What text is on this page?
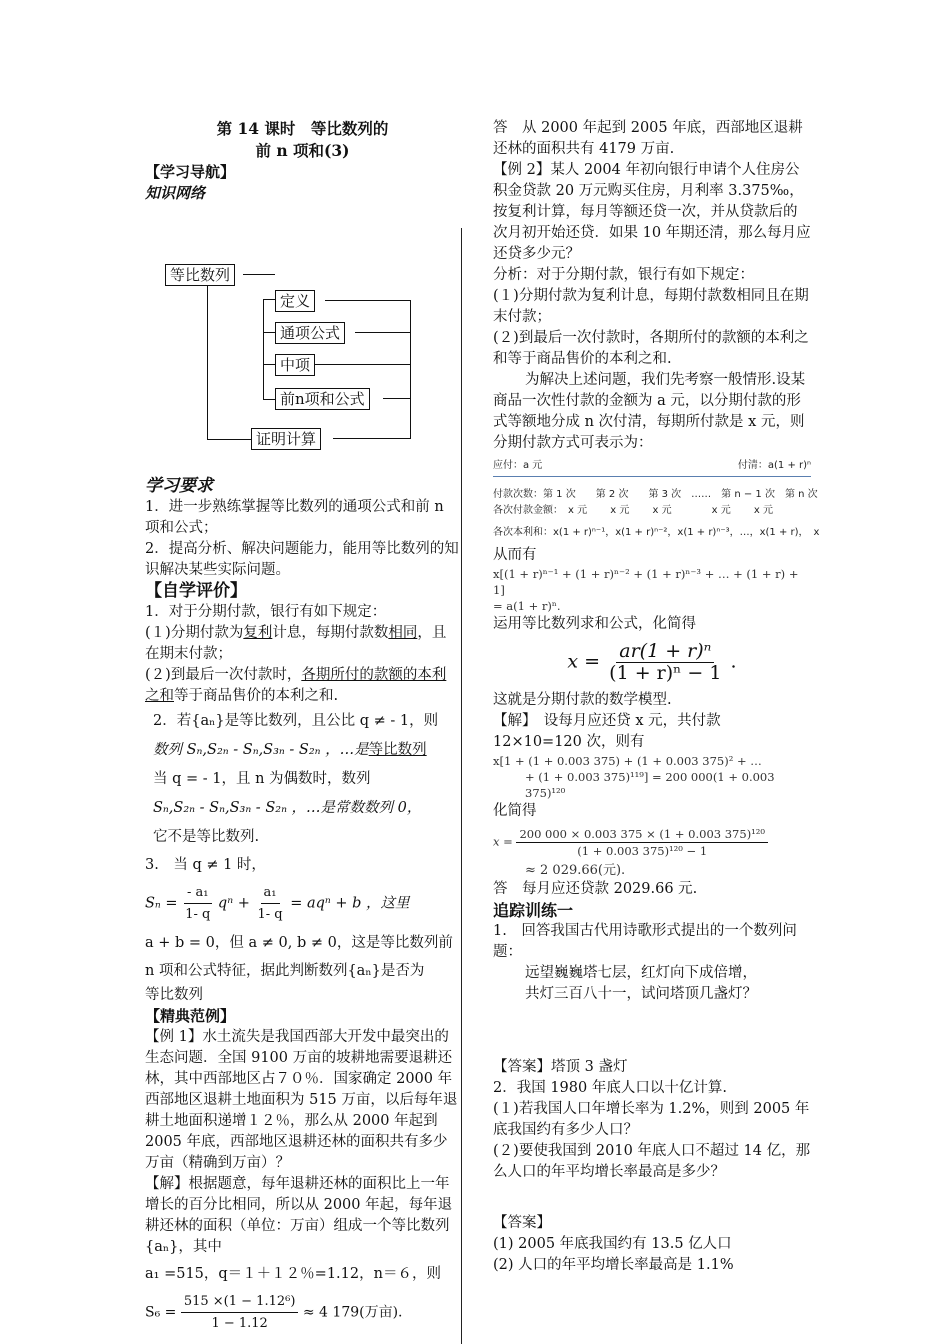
第 14 课时　等比数列的
前 n 项和(3)
【学习导航】
知识网络
等比数列
定义
通项公式
中项
前n项和公式
证明计算
学习要求

1．进一步熟练掌握等比数列的通项公式和前 n 项和公式；

2．提高分析、解决问题能力，能用等比数列的知识解决某些实际问题。

【自学评价】

1．对于分期付款，银行有如下规定：

(１)分期付款为复利计息，每期付款数相同，且在期末付款；

(２)到最后一次付款时，各期所付的款额的本利之和等于商品售价的本利之和.

2．若{aₙ}是等比数列，且公比 q ≠ - 1，则

数列 Sₙ,S₂ₙ - Sₙ,S₃ₙ - S₂ₙ ，…是等比数列

当 q = - 1，且 n 为偶数时，数列

Sₙ,S₂ₙ - Sₙ,S₃ₙ - S₂ₙ ，…是常数数列 0，

它不是等比数列.

3.　当 q ≠ 1 时，

$S_n = \frac{\text{- a₁}}{1- q}$ $q^n + \frac{\text{a₁}}{1- q} = aq^n + b$ ，这里

a + b = 0，但 a ≠ 0, b ≠ 0，这是等比数列前

n 项和公式特征，据此判断数列{aₙ}是否为

等比数列

【精典范例】

【例 1】水土流失是我国西部大开发中最突出的生态问题．全国 9100 万亩的坡耕地需要退耕还林，其中西部地区占７０％．国家确定 2000 年西部地区退耕土地面积为 515 万亩，以后每年退耕土地面积递增１２％，那么从 2000 年起到 2005 年底，西部地区退耕还林的面积共有多少万亩（精确到万亩）？

【解】根据题意，每年退耕还林的面积比上一年增长的百分比相同，所以从 2000 年起，每年退耕还林的面积（单位：万亩）组成一个等比数列{aₙ}，其中

a₁ =515，q＝１＋１２％=1.12，n＝６，则

$S_6 = \frac{\text{515 ×(1 − 1.12⁶)}}{1 - 1.12} \approx 4$ 179(万亩).

答　从 2000 年起到 2005 年底，西部地区退耕还林的面积共有 4179 万亩.

【例 2】某人 2004 年初向银行申请个人住房公积金贷款 20 万元购买住房，月利率 3.375‰，按复利计算，每月等额还贷一次，并从贷款后的次月初开始还贷．如果 10 年期还清，那么每月应还贷多少元？

分析：对于分期付款，银行有如下规定：

(１)分期付款为复利计息，每期付款数相同且在期末付款；

(２)到最后一次付款时，各期所付的款额的本利之和等于商品售价的本利之和.

为解决上述问题，我们先考察一般情形.设某商品一次性付款的金额为 a 元，以分期付款的形式等额地分成 n 次付清，每期所付款是 x 元，则分期付款方式可表示为：

应付：a 元	付清：a(1 + r)ⁿ
付款次数：第 1 次　　第 2 次　　第 3 次　……　第 n − 1 次　第 n 次
各次付款金额：　x 元　　 x 元　　 x 元　　　　x 元　　 x 元
各次本利和：x(1 + r)ⁿ⁻¹，x(1 + r)ⁿ⁻²，x(1 + r)ⁿ⁻³，…，x(1 + r)，　x

从而有

x[(1 + r)ⁿ⁻¹ + (1 + r)ⁿ⁻² + (1 + r)ⁿ⁻³ + … + (1 + r) + 1]

= a(1 + r)ⁿ.

运用等比数列求和公式，化简得

$x = \frac{\text{ar(1 + r)ⁿ}}{\text{(1 + r)ⁿ − 1}}$ .

这就是分期付款的数学模型.

【解】　设每月应还贷 x 元，共付款 12×10=120 次，则有

x[1 + (1 + 0.003 375) + (1 + 0.003 375)² + …

+ (1 + 0.003 375)¹¹⁹] = 200 000(1 + 0.003 375)¹²⁰

化简得

$x = \frac{\text{200 000 × 0.003 375 × (1 + 0.003 375)¹²⁰}}{\text{(1 + 0.003 375)¹²⁰ − 1}}$

≈ 2 029.66(元).

答　每月应还贷款 2029.66 元.

追踪训练一

1.　回答我国古代用诗歌形式提出的一个数列问题：

远望巍巍塔七层，红灯向下成倍增，

共灯三百八十一，试问塔顶几盏灯？

【答案】塔顶 3 盏灯

2．我国 1980 年底人口以十亿计算.

(１)若我国人口年增长率为 1.2%，则到 2005 年底我国约有多少人口？

(２)要使我国到 2010 年底人口不超过 14 亿，那么人口的年平均增长率最高是多少？

【答案】

(1) 2005 年底我国约有 13.5 亿人口

(2) 人口的年平均增长率最高是 1.1%
